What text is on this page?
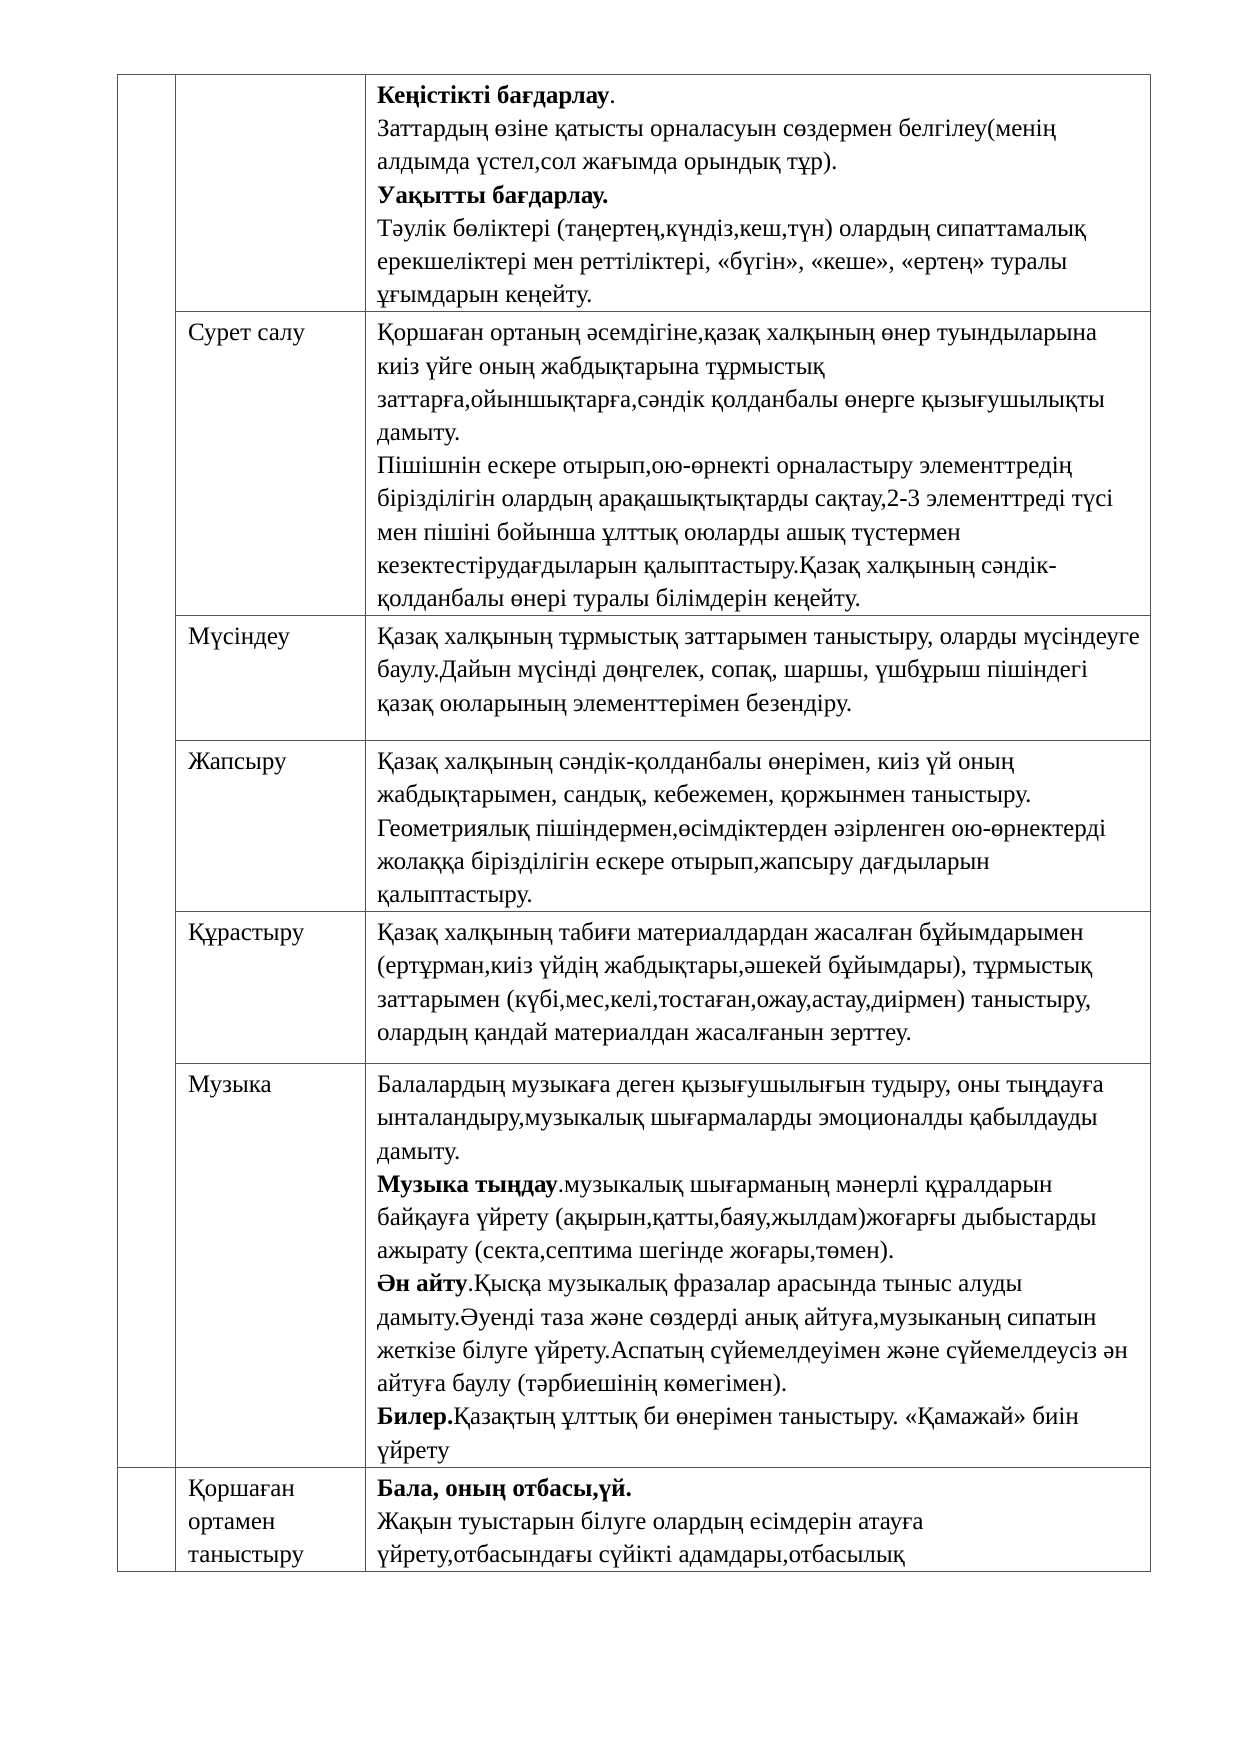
		Кеңістікті бағдарлау.

Заттардың өзіне қатысты орналасуын сөздермен белгілеу(менің алдымда үстел,сол жағымда орындық тұр).

Уақытты бағдарлау.

Тәулік бөліктері (таңертең,күндіз,кеш,түн) олардың сипаттамалық ерекшеліктері мен реттіліктері, «бүгін», «кеше», «ертең» туралы ұғымдарын кеңейту.

	Сурет салу	Қоршаған ортаның әсемдігіне,қазақ халқының өнер туындыларына киіз үйге оның жабдықтарына тұрмыстық заттарға,ойыншықтарға,сәндік қолданбалы өнерге қызығушылықты дамыту.

Пішішнін ескере отырып,ою-өрнекті орналастыру элементтредің бірізділігін олардың арақашықтықтарды сақтау,2-3 элементтреді түсі мен пішіні бойынша ұлттық оюларды ашық түстермен кезектестірудағдыларын қалыптастыру.Қазақ халқының сәндік-қолданбалы өнері туралы білімдерін кеңейту.

	Мүсіндеу	Қазақ халқының тұрмыстық заттарымен таныстыру, оларды мүсіндеуге баулу.Дайын мүсінді дөңгелек, сопақ, шаршы, үшбұрыш пішіндегі қазақ оюларының элементтерімен безендіру.

	Жапсыру	Қазақ халқының сәндік-қолданбалы өнерімен, киіз үй оның жабдықтарымен, сандық, кебежемен, қоржынмен таныстыру.

Геометриялық пішіндермен,өсімдіктерден әзірленген ою-өрнектерді жолаққа бірізділігін ескере отырып,жапсыру дағдыларын қалыптастыру.

	Құрастыру	Қазақ халқының табиғи материалдардан жасалған бұйымдарымен (ертұрман,киіз үйдің жабдықтары,әшекей бұйымдары), тұрмыстық заттарымен (күбі,мес,келі,тостаған,ожау,астау,диірмен) таныстыру, олардың қандай материалдан жасалғанын зерттеу.

	Музыка	Балалардың музыкаға деген қызығушылығын тудыру, оны тыңдауға ынталандыру,музыкалық шығармаларды эмоционалды қабылдауды дамыту.

Музыка тыңдау.музыкалық шығарманың мәнерлі құралдарын байқауға үйрету (ақырын,қатты,баяу,жылдам)жоғарғы дыбыстарды ажырату (секта,септима шегінде жоғары,төмен).

Ән айту.Қысқа музыкалық фразалар арасында тыныс алуды дамыту.Әуенді таза және сөздерді анық айтуға,музыканың сипатын жеткізе білуге үйрету.Аспатың сүйемелдеуімен және сүйемелдеусіз ән айтуға баулу (тәрбиешінің көмегімен).

Билер.Қазақтың ұлттық би өнерімен таныстыру. «Қамажай» биін үйрету

	Қоршаған ортамен таныстыру	Бала, оның отбасы,үй.

Жақын туыстарын білуге олардың есімдерін атауға үйрету,отбасындағы сүйікті адамдары,отбасылық
